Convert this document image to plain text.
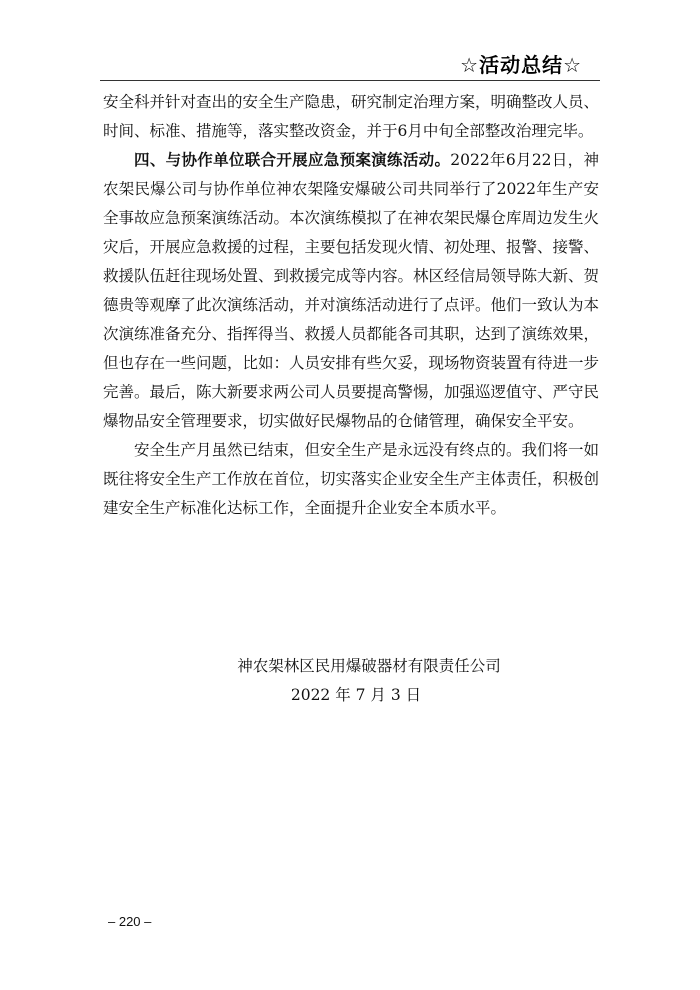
☆活动总结☆

安全科并针对查出的安全生产隐患，研究制定治理方案，明确整改人员、时间、标准、措施等，落实整改资金，并于6月中旬全部整改治理完毕。

四、与协作单位联合开展应急预案演练活动。2022年6月22日，神农架民爆公司与协作单位神农架隆安爆破公司共同举行了2022年生产安全事故应急预案演练活动。本次演练模拟了在神农架民爆仓库周边发生火灾后，开展应急救援的过程，主要包括发现火情、初处理、报警、接警、救援队伍赶往现场处置、到救援完成等内容。林区经信局领导陈大新、贺德贵等观摩了此次演练活动，并对演练活动进行了点评。他们一致认为本次演练准备充分、指挥得当、救援人员都能各司其职，达到了演练效果，但也存在一些问题，比如：人员安排有些欠妥，现场物资装置有待进一步完善。最后，陈大新要求两公司人员要提高警惕，加强巡逻值守、严守民爆物品安全管理要求，切实做好民爆物品的仓储管理，确保安全平安。

安全生产月虽然已结束，但安全生产是永远没有终点的。我们将一如既往将安全生产工作放在首位，切实落实企业安全生产主体责任，积极创建安全生产标准化达标工作，全面提升企业安全本质水平。

神农架林区民用爆破器材有限责任公司
2022 年 7 月 3 日
– 220 –
